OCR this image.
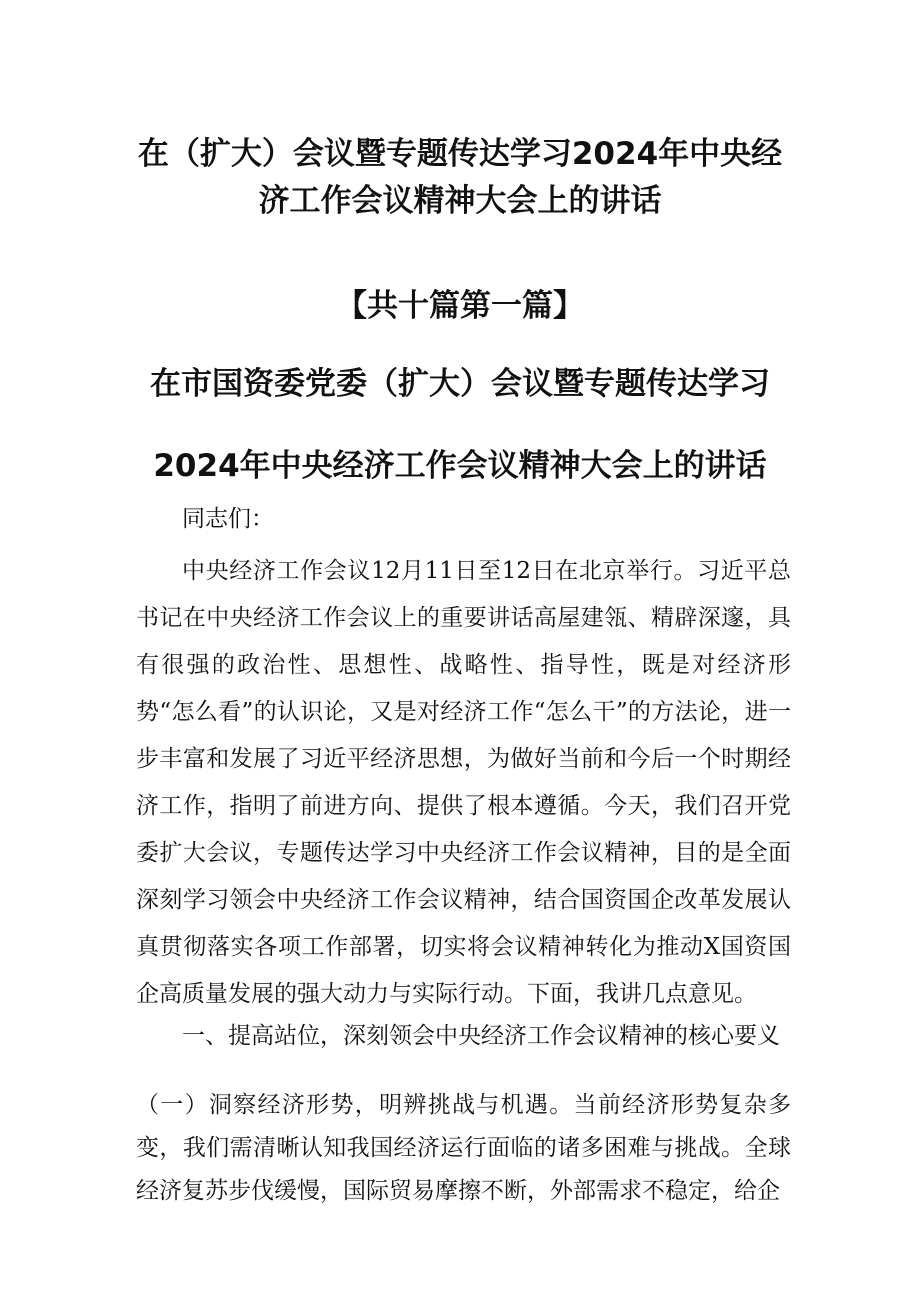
在（扩大）会议暨专题传达学习2024年中央经
济工作会议精神大会上的讲话
【共十篇第一篇】
在市国资委党委（扩大）会议暨专题传达学习
2024年中央经济工作会议精神大会上的讲话
同志们：
中央经济工作会议12月11日至12日在北京举行。习近平总书记在中央经济工作会议上的重要讲话高屋建瓴、精辟深邃，具有很强的政治性、思想性、战略性、指导性，既是对经济形势“怎么看”的认识论，又是对经济工作“怎么干”的方法论，进一步丰富和发展了习近平经济思想，为做好当前和今后一个时期经济工作，指明了前进方向、提供了根本遵循。今天，我们召开党委扩大会议，专题传达学习中央经济工作会议精神，目的是全面深刻学习领会中央经济工作会议精神，结合国资国企改革发展认真贯彻落实各项工作部署，切实将会议精神转化为推动X国资国企高质量发展的强大动力与实际行动。下面，我讲几点意见。
一、提高站位，深刻领会中央经济工作会议精神的核心要义
（一）洞察经济形势，明辨挑战与机遇。当前经济形势复杂多变，我们需清晰认知我国经济运行面临的诸多困难与挑战。全球经济复苏步伐缓慢，国际贸易摩擦不断，外部需求不稳定，给企
